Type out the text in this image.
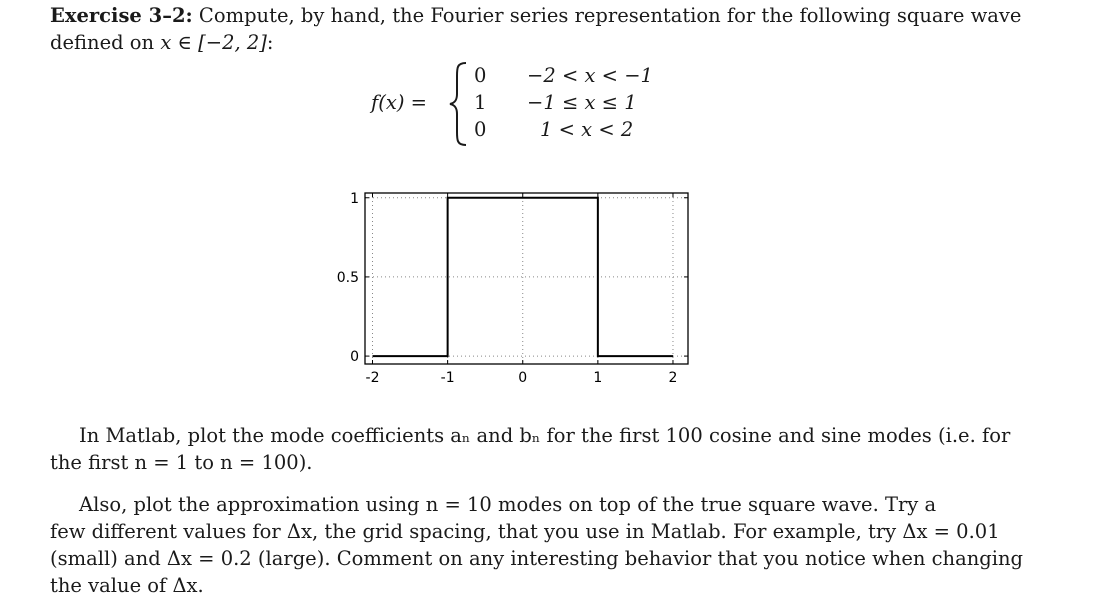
Exercise 3–2: Compute, by hand, the Fourier series representation for the following square wave
defined on x ∈ [−2, 2]:
f(x) =
0
1
0
−2 < x < −1
−1 ≤ x ≤ 1
1 < x < 2
-2	-1	0	1	2
0
0.5
1
In Matlab, plot the mode coefficients aₙ and bₙ for the first 100 cosine and sine modes (i.e. for
the first n = 1 to n = 100).
Also, plot the approximation using n = 10 modes on top of the true square wave. Try a
few different values for Δx, the grid spacing, that you use in Matlab. For example, try Δx = 0.01
(small) and Δx = 0.2 (large). Comment on any interesting behavior that you notice when changing
the value of Δx.
